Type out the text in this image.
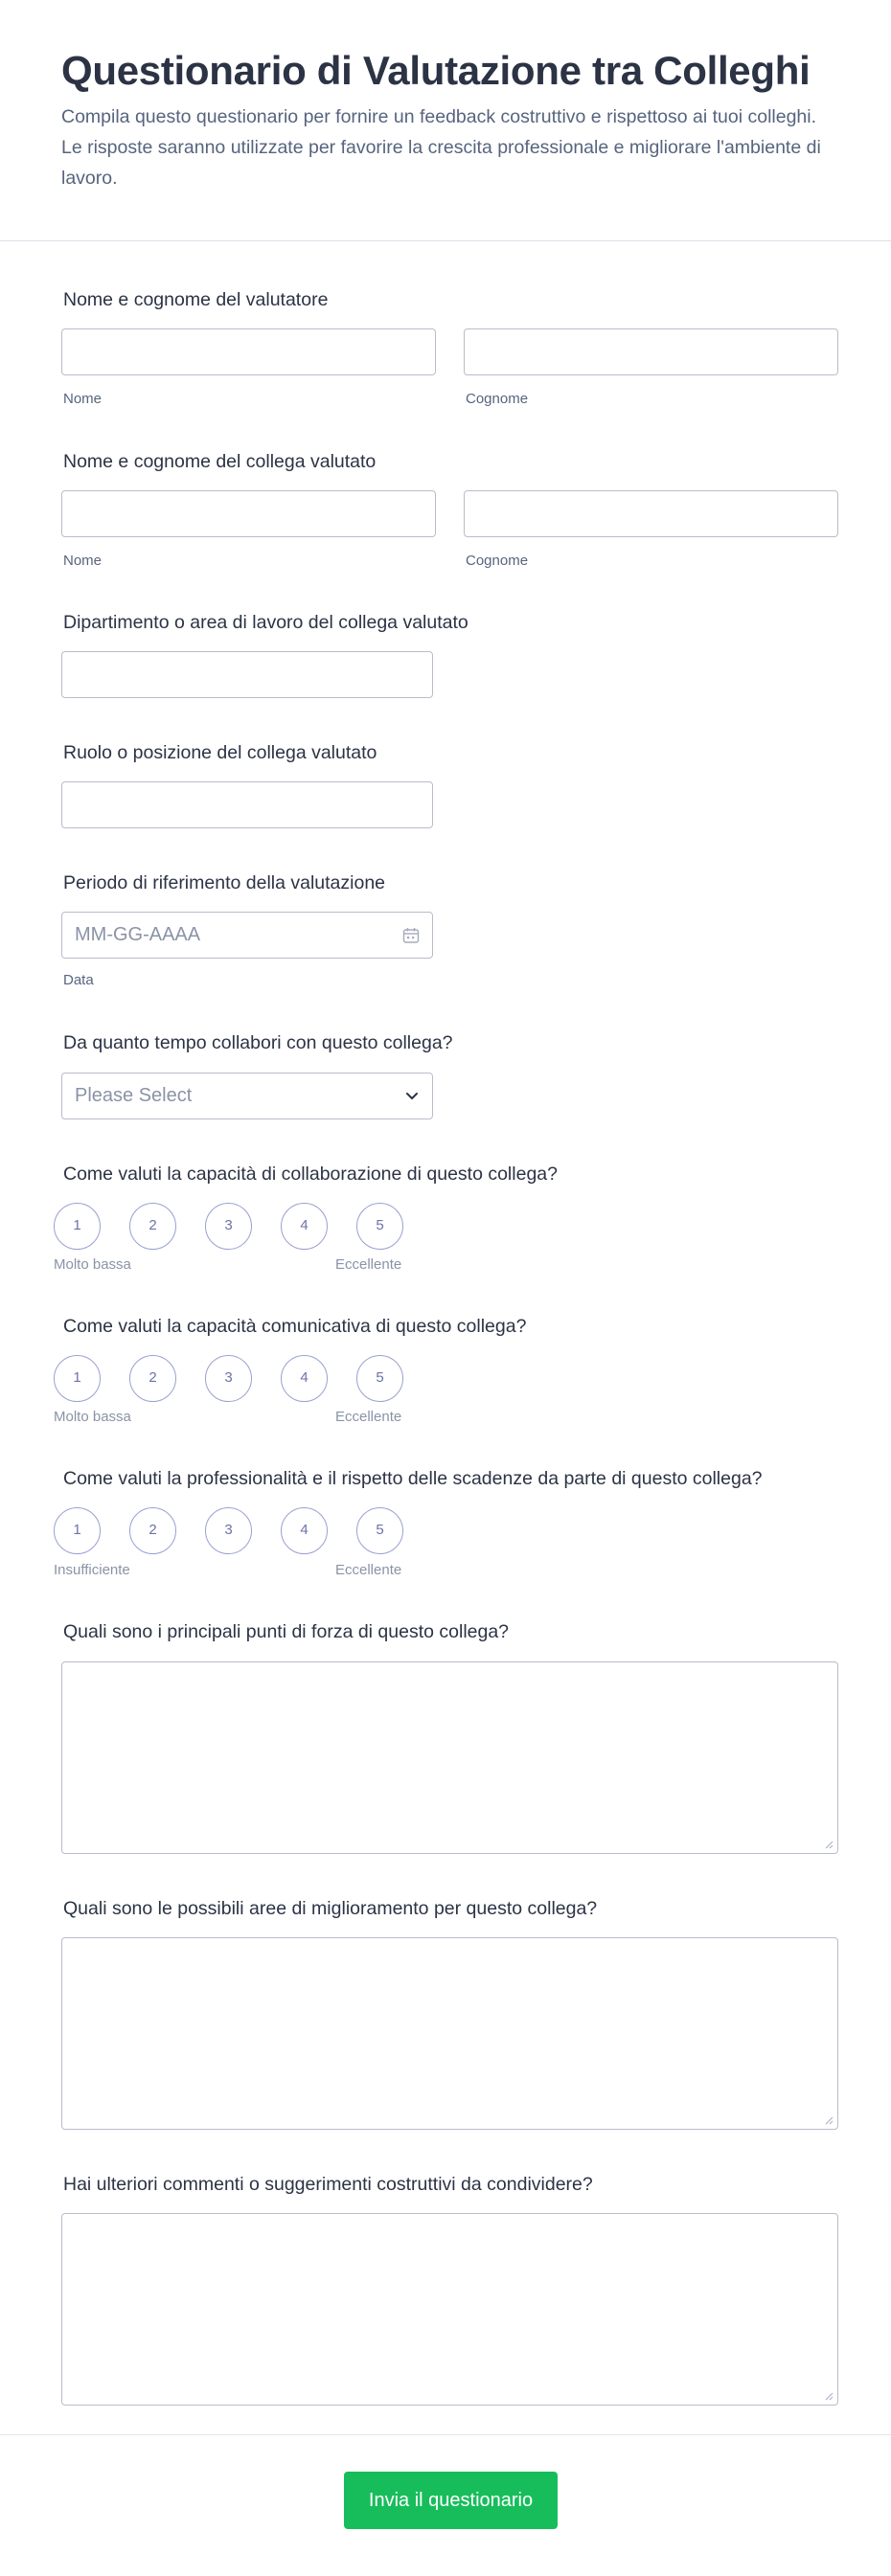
Questionario di Valutazione tra Colleghi

Compila questo questionario per fornire un feedback costruttivo e rispettoso ai tuoi colleghi. Le risposte saranno utilizzate per favorire la crescita professionale e migliorare l'ambiente di lavoro.

Nome e cognome del valutatore
Nome	Cognome
Nome e cognome del collega valutato
Nome	Cognome
Dipartimento o area di lavoro del collega valutato
Ruolo o posizione del collega valutato
Periodo di riferimento della valutazione
MM-GG-AAAA
Data
Da quanto tempo collabori con questo collega?
Please Select
Come valuti la capacità di collaborazione di questo collega?
1	2	3	4	5
Molto bassa	Eccellente
Come valuti la capacità comunicativa di questo collega?
1	2	3	4	5
Molto bassa	Eccellente
Come valuti la professionalità e il rispetto delle scadenze da parte di questo collega?
1	2	3	4	5
Insufficiente	Eccellente
Quali sono i principali punti di forza di questo collega?
Quali sono le possibili aree di miglioramento per questo collega?
Hai ulteriori commenti o suggerimenti costruttivi da condividere?
Invia il questionario
